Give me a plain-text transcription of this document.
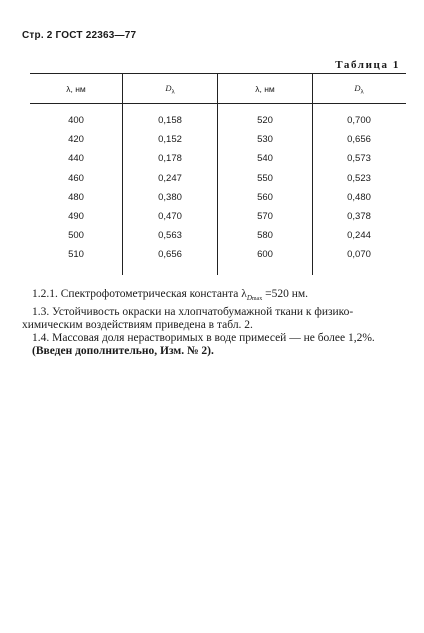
Стр. 2 ГОСТ 22363—77
Таблица 1
λ, нм	$D_\lambda$	λ, нм	$D_\lambda$
400	0,158	520	0,700
420	0,152	530	0,656
440	0,178	540	0,573
460	0,247	550	0,523
480	0,380	560	0,480
490	0,470	570	0,378
500	0,563	580	0,244
510	0,656	600	0,070

1.2.1. Спектрофотометрическая константа $\lambda_{Dmax} =520$ нм.

1.3. Устойчивость окраски на хлопчатобумажной ткани к физико-химическим воздействиям приведена в табл. 2.

1.4. Массовая доля нерастворимых в воде примесей — не более 1,2%.

(Введен дополнительно, Изм. № 2).
